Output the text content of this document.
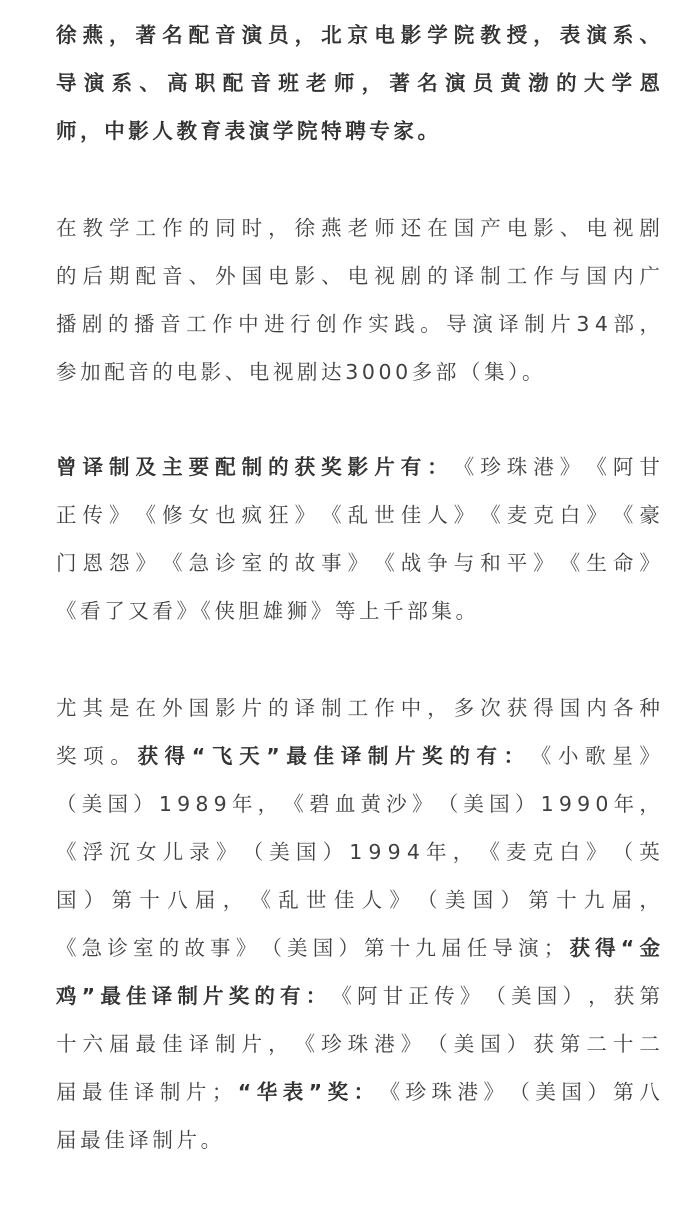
徐 燕 ， 著 名 配 音 演 员 ， 北 京 电 影 学 院 教 授 ， 表 演 系 、
导 演 系 、 高 职 配 音 班 老 师 ， 著 名 演 员 黄 渤 的 大 学 恩
师，中影人教育表演学院特聘专家。
在 教 学 工 作 的 同 时 ， 徐 燕 老 师 还 在 国 产 电 影 、 电 视 剧
的 后 期 配 音 、 外 国 电 影 、 电 视 剧 的 译 制 工 作 与 国 内 广
播 剧 的 播 音 工 作 中 进 行 创 作 实 践 。 导 演 译 制 片 3 4 部 ，
参加配音的电影、电视剧达3000多部（集）。
曾 译 制 及 主 要 配 制 的 获 奖 影 片 有 ： 《 珍 珠 港 》 《 阿 甘
正 传 》 《 修 女 也 疯 狂 》 《 乱 世 佳 人 》 《 麦 克 白 》 《 豪
门 恩 怨 》 《 急 诊 室 的 故 事 》 《 战 争 与 和 平 》 《 生 命 》
《看了又看》《侠胆雄狮》等上千部集。
尤 其 是 在 外 国 影 片 的 译 制 工 作 中 ， 多 次 获 得 国 内 各 种
奖 项 。 获 得 “ 飞 天 ” 最 佳 译 制 片 奖 的 有 ： 《 小 歌 星 》
（ 美 国 ） 1 9 8 9 年 ， 《 碧 血 黄 沙 》 （ 美 国 ） 1 9 9 0 年 ，
《 浮 沉 女 儿 录 》 （ 美 国 ） 1 9 9 4 年 ， 《 麦 克 白 》 （ 英
国 ） 第 十 八 届 ， 《 乱 世 佳 人 》 （ 美 国 ） 第 十 九 届 ，
《 急 诊 室 的 故 事 》 （ 美 国 ） 第 十 九 届 任 导 演 ； 获 得 “ 金
鸡 ” 最 佳 译 制 片 奖 的 有 ： 《 阿 甘 正 传 》 （ 美 国 ） ， 获 第
十 六 届 最 佳 译 制 片 ， 《 珍 珠 港 》 （ 美 国 ） 获 第 二 十 二
届 最 佳 译 制 片 ； “ 华 表 ” 奖 ： 《 珍 珠 港 》 （ 美 国 ） 第 八
届最佳译制片。
